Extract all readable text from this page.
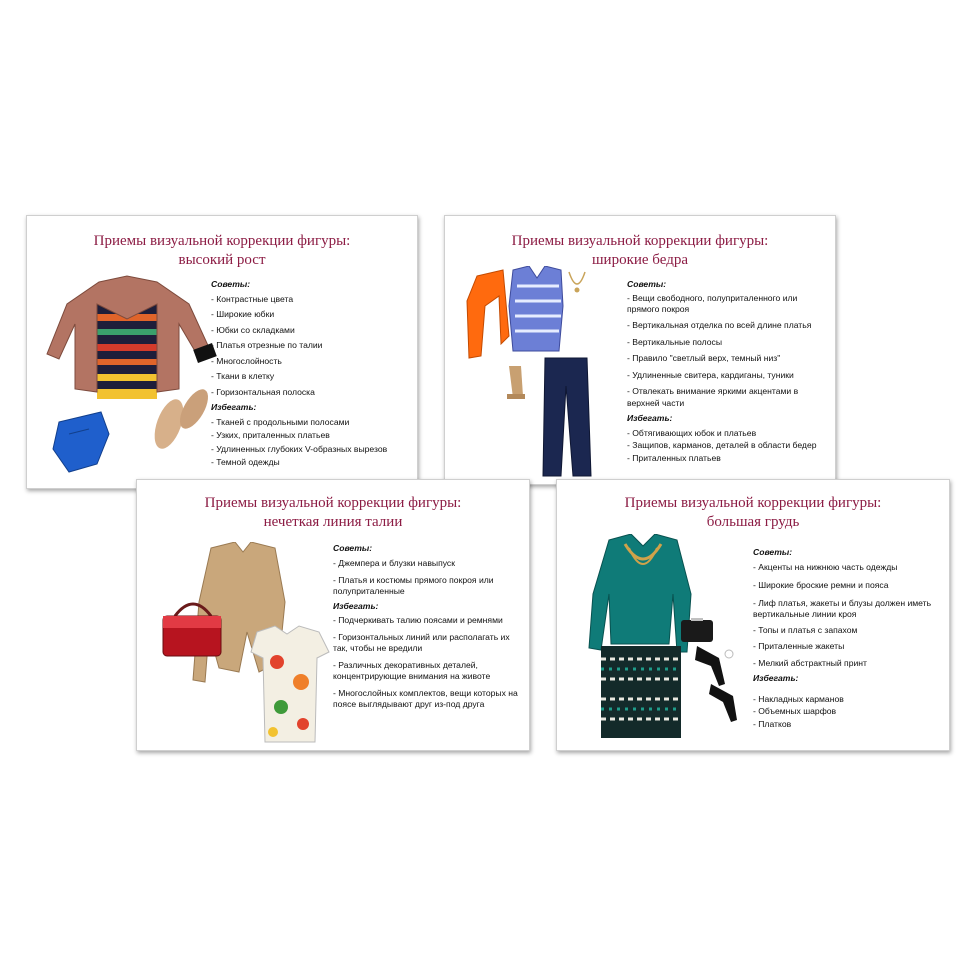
Приемы визуальной коррекции фигуры:
высокий рост
Советы:
- Контрастные цвета
- Широкие юбки
- Юбки со складками
- Платья отрезные по талии
- Многослойность
- Ткани в клетку
- Горизонтальная полоска
Избегать:
- Тканей с продольными полосами
- Узких, приталенных платьев
- Удлиненных глубоких V-образных вырезов
- Темной одежды
Приемы визуальной коррекции фигуры:
широкие бедра
Советы:
- Вещи свободного, полуприталенного или прямого покроя
- Вертикальная отделка по всей длине платья
- Вертикальные полосы
- Правило "светлый верх, темный низ"
- Удлиненные свитера, кардиганы, туники
- Отвлекать внимание яркими акцентами в верхней части
Избегать:
- Обтягивающих юбок и платьев
- Защипов, карманов, деталей в области бедер
- Приталенных платьев
Приемы визуальной коррекции фигуры:
нечеткая линия талии
Советы:
- Джемпера и блузки навыпуск
- Платья и костюмы прямого покроя или полуприталенные
Избегать:
- Подчеркивать талию поясами и ремнями
- Горизонтальных линий или располагать их так, чтобы не вредили
- Различных декоративных деталей, концентрирующие внимания на животе
- Многослойных комплектов, вещи которых на поясе выглядывают друг из-под друга
Приемы визуальной коррекции фигуры:
большая грудь
Советы:
- Акценты на нижнюю часть одежды
- Широкие броские ремни и пояса
- Лиф платья, жакеты и блузы должен иметь вертикальные линии кроя
- Топы и платья с запахом
- Приталенные жакеты
- Мелкий абстрактный принт
Избегать:
- Накладных карманов
- Объемных шарфов
- Платков
